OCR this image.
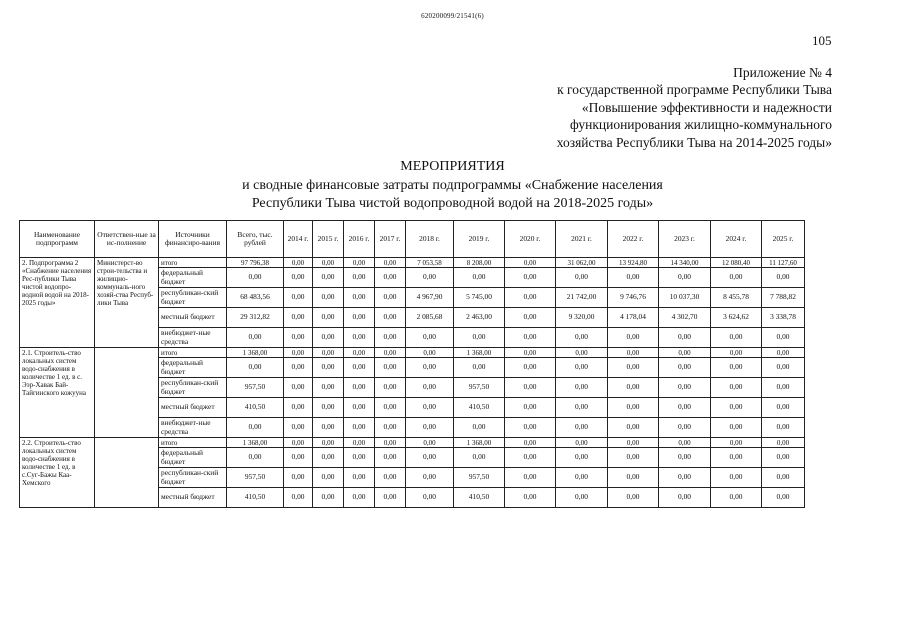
620200099/21541(6)
105
Приложение № 4
к государственной программе Республики Тыва
«Повышение эффективности и надежности
функционирования жилищно-коммунального
хозяйства Республики Тыва на 2014-2025 годы»
МЕРОПРИЯТИЯ
и сводные финансовые затраты подпрограммы «Снабжение населения
Республики Тыва чистой водопроводной водой на 2018-2025 годы»
Наименование подпрограмм	Ответствен-ные за ис-полнение	Источники финансиро-вания	Всего, тыс. рублей	2014 г.	2015 г.	2016 г.	2017 г.	2018 г.	2019 г.	2020 г.	2021 г.	2022 г.	2023 г.	2024 г.	2025 г.
2. Подпрограмма 2 «Снабжение населения Рес-публики Тыва чистой водопро-водной водой на 2018-2025 годы»	Министерст-во строи-тельства и жилищно-коммуналь-ного хозяй-ства Респуб-лики Тыва	итого	97 796,38	0,00	0,00	0,00	0,00	7 053,58	8 208,00	0,00	31 062,00	13 924,80	14 340,00	12 080,40	11 127,60
		федеральный бюджет	0,00	0,00	0,00	0,00	0,00	0,00	0,00	0,00	0,00	0,00	0,00	0,00	0,00
		республикан-ский бюджет	68 483,56	0,00	0,00	0,00	0,00	4 967,90	5 745,00	0,00	21 742,00	9 746,76	10 037,30	8 455,78	7 788,82
		местный бюджет	29 312,82	0,00	0,00	0,00	0,00	2 085,68	2 463,00	0,00	9 320,00	4 178,04	4 302,70	3 624,62	3 338,78
		внебюджет-ные средства	0,00	0,00	0,00	0,00	0,00	0,00	0,00	0,00	0,00	0,00	0,00	0,00	0,00
2.1. Строитель-ство локальных систем водо-снабжения в количестве 1 ед. в с. Ээр-Хавак Бай-Тайгинского кожууна		итого	1 368,00	0,00	0,00	0,00	0,00	0,00	1 368,00	0,00	0,00	0,00	0,00	0,00	0,00
		федеральный бюджет	0,00	0,00	0,00	0,00	0,00	0,00	0,00	0,00	0,00	0,00	0,00	0,00	0,00
		республикан-ский бюджет	957,50	0,00	0,00	0,00	0,00	0,00	957,50	0,00	0,00	0,00	0,00	0,00	0,00
		местный бюджет	410,50	0,00	0,00	0,00	0,00	0,00	410,50	0,00	0,00	0,00	0,00	0,00	0,00
		внебюджет-ные средства	0,00	0,00	0,00	0,00	0,00	0,00	0,00	0,00	0,00	0,00	0,00	0,00	0,00
2.2. Строитель-ство локальных систем водо-снабжения в количестве 1 ед. в с.Суг-Бажы Каа-Хемского		итого	1 368,00	0,00	0,00	0,00	0,00	0,00	1 368,00	0,00	0,00	0,00	0,00	0,00	0,00
		федеральный бюджет	0,00	0,00	0,00	0,00	0,00	0,00	0,00	0,00	0,00	0,00	0,00	0,00	0,00
		республикан-ский бюджет	957,50	0,00	0,00	0,00	0,00	0,00	957,50	0,00	0,00	0,00	0,00	0,00	0,00
		местный бюджет	410,50	0,00	0,00	0,00	0,00	0,00	410,50	0,00	0,00	0,00	0,00	0,00	0,00
